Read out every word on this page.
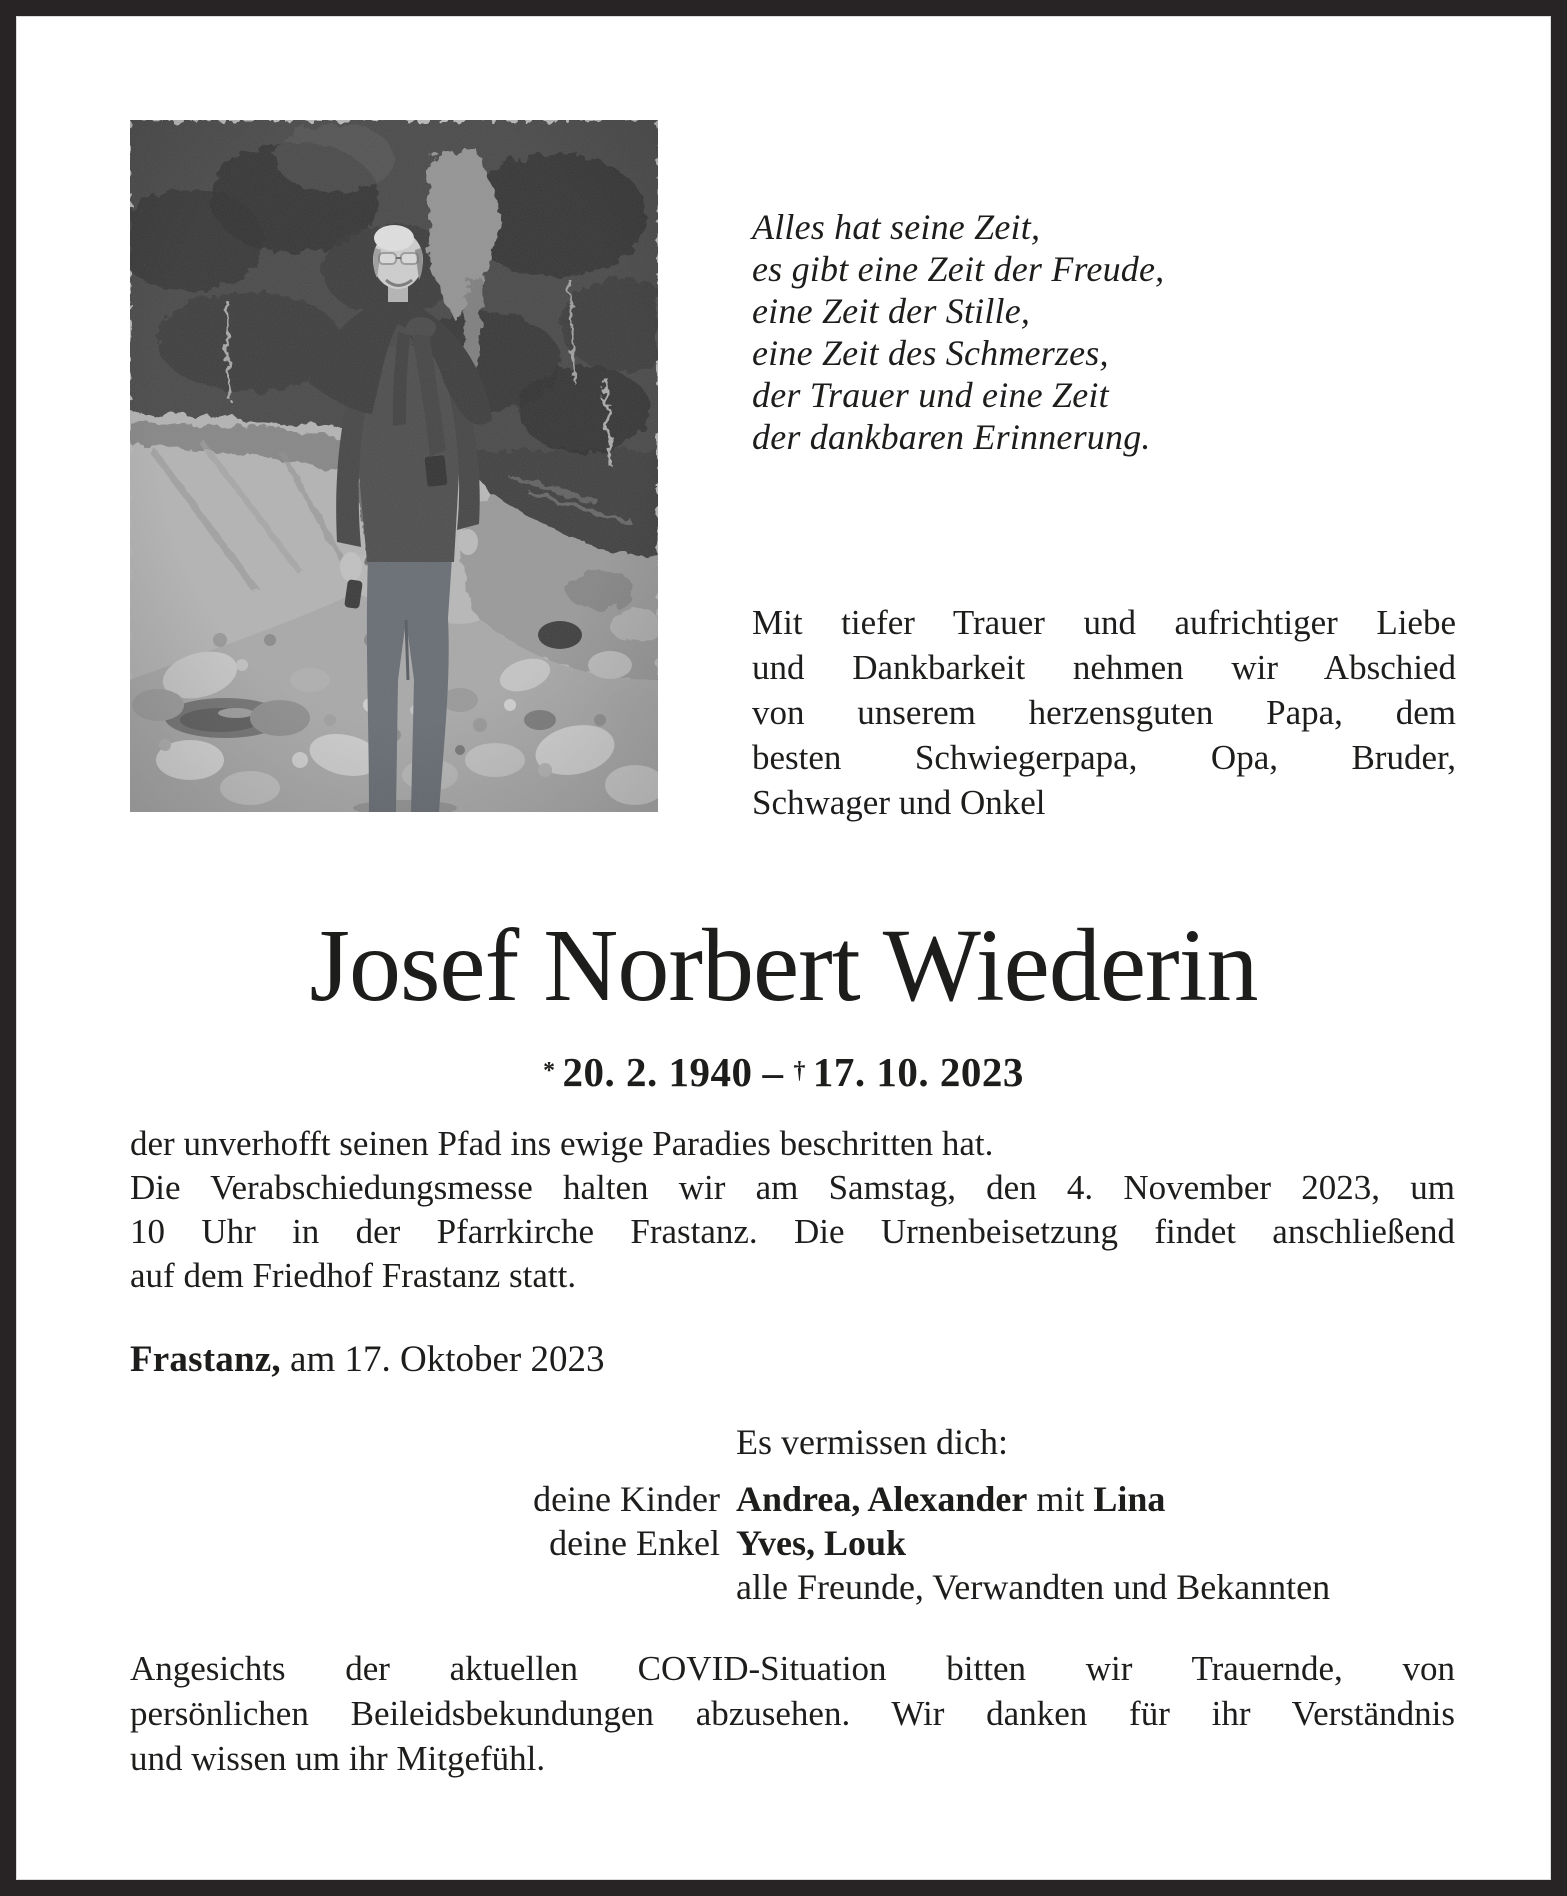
Alles hat seine Zeit,
es gibt eine Zeit der Freude,
eine Zeit der Stille,
eine Zeit des Schmerzes,
der Trauer und eine Zeit
der dankbaren Erinnerung.
Mit tiefer Trauer und aufrichtiger Liebe
und Dankbarkeit nehmen wir Abschied
von unserem herzensguten Papa, dem
besten Schwiegerpapa, Opa, Bruder,
Schwager und Onkel
Josef Norbert Wiederin
* 20. 2. 1940 – † 17. 10. 2023
der unverhofft seinen Pfad ins ewige Paradies beschritten hat.
Die Verabschiedungsmesse halten wir am Samstag, den 4. November 2023, um
10 Uhr in der Pfarrkirche Frastanz. Die Urnenbeisetzung findet anschließend
auf dem Friedhof Frastanz statt.
Frastanz, am 17. Oktober 2023
Es vermissen dich:
deine Kinder Andrea, Alexander mit Lina
deine Enkel Yves, Louk
alle Freunde, Verwandten und Bekannten
Angesichts der aktuellen COVID-Situation bitten wir Trauernde, von
persönlichen Beileidsbekundungen abzusehen. Wir danken für ihr Verständnis
und wissen um ihr Mitgefühl.
